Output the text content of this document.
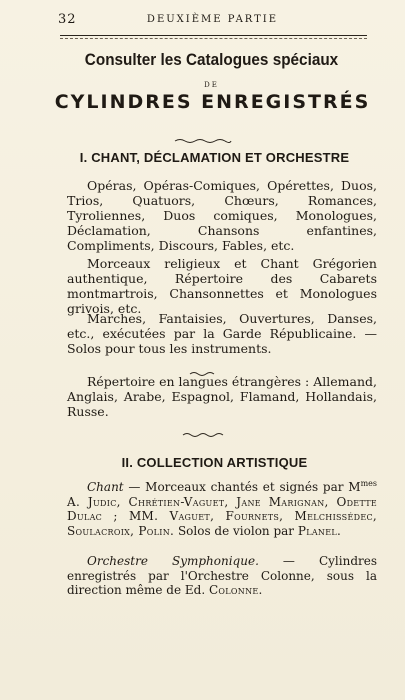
32	DEUXIÈME PARTIE
Consulter les Catalogues spéciaux
DE
CYLINDRES ENREGISTRÉS
I. CHANT, DÉCLAMATION ET ORCHESTRE
Opéras, Opéras-Comiques, Opérettes, Duos, Trios, Quatuors, Chœurs, Romances, Tyroliennes, Duos comiques, Monologues, Déclamation, Chansons enfantines, Compliments, Discours, Fables, etc.
Morceaux religieux et Chant Grégorien authentique, Répertoire des Cabarets montmartrois, Chansonnettes et Monologues grivois, etc.
Marches, Fantaisies, Ouvertures, Danses, etc., exécutées par la Garde Républicaine. — Solos pour tous les instruments.
Répertoire en langues étrangères : Allemand, Anglais, Arabe, Espagnol, Flamand, Hollandais, Russe.
II. COLLECTION ARTISTIQUE
Chant — Morceaux chantés et signés par $M^{mes}$ A. Judic, Chrétien-Vaguet, Jane Marignan, Odette Dulac ; MM. Vaguet, Fournets, Melchissédec, Soulacroix, Polin. Solos de violon par Planel.
Orchestre Symphonique. — Cylindres enregistrés par l'Orchestre Colonne, sous la direction même de Ed. Colonne.
